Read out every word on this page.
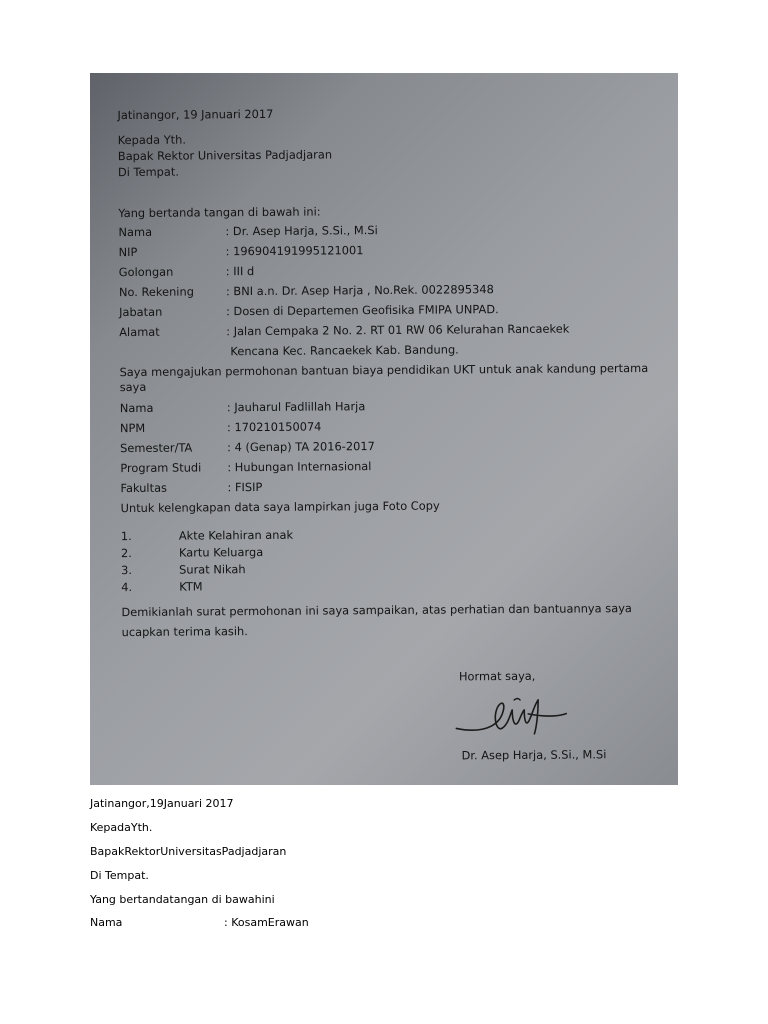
Jatinangor, 19 Januari 2017
Kepada Yth.
Bapak Rektor Universitas Padjadjaran
Di Tempat.
Yang bertanda tangan di bawah ini:
Nama	: Dr. Asep Harja, S.Si., M.Si
NIP	: 196904191995121001
Golongan	: III d
No. Rekening	: BNI a.n. Dr. Asep Harja , No.Rek. 0022895348
Jabatan	: Dosen di Departemen Geofisika FMIPA UNPAD.
Alamat	: Jalan Cempaka 2 No. 2. RT 01 RW 06 Kelurahan Rancaekek
Kencana Kec. Rancaekek Kab. Bandung.
Saya mengajukan permohonan bantuan biaya pendidikan UKT untuk anak kandung pertama
saya
Nama	: Jauharul Fadlillah Harja
NPM	: 170210150074
Semester/TA	: 4 (Genap) TA 2016-2017
Program Studi : Hubungan Internasional
Fakultas	: FISIP
Untuk kelengkapan data saya lampirkan juga Foto Copy
1.	Akte Kelahiran anak
2.	Kartu Keluarga
3.	Surat Nikah
4.	KTM
Demikianlah surat permohonan ini saya sampaikan, atas perhatian dan bantuannya saya
ucapkan terima kasih.
Hormat saya,
Dr. Asep Harja, S.Si., M.Si
Jatinangor,19Januari 2017
KepadaYth.
BapakRektorUniversitasPadjadjaran
Di Tempat.
Yang bertandatangan di bawahini
Nama	: KosamErawan
